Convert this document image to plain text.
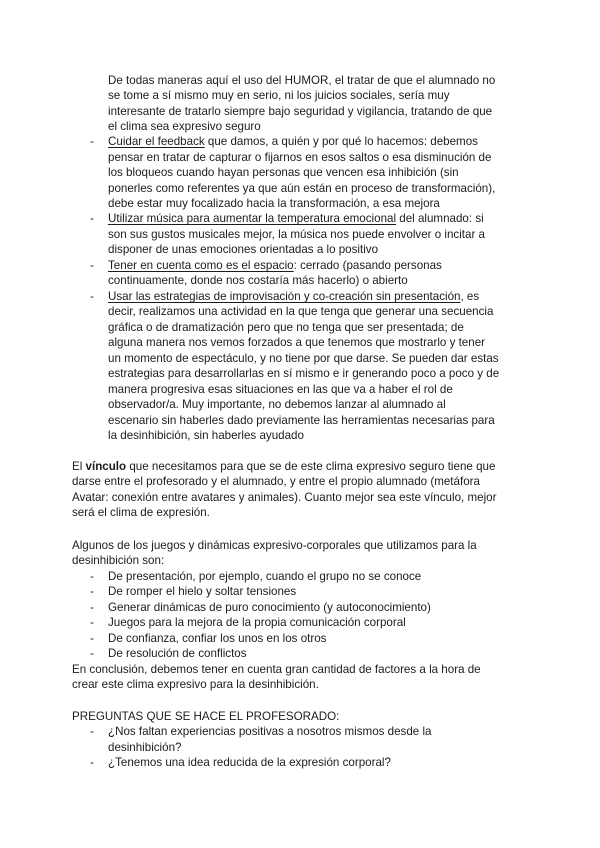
De todas maneras aquí el uso del HUMOR, el tratar de que el alumnado no
se tome a sí mismo muy en serio, ni los juicios sociales, sería muy
interesante de tratarlo siempre bajo seguridad y vigilancia, tratando de que
el clima sea expresivo seguro
- Cuidar el feedback que damos, a quién y por qué lo hacemos: debemos
pensar en tratar de capturar o fijarnos en esos saltos o esa disminución de
los bloqueos cuando hayan personas que vencen esa inhibición (sin
ponerles como referentes ya que aún están en proceso de transformación),
debe estar muy focalizado hacia la transformación, a esa mejora
- Utilizar música para aumentar la temperatura emocional del alumnado: si
son sus gustos musicales mejor, la música nos puede envolver o incitar a
disponer de unas emociones orientadas a lo positivo
- Tener en cuenta como es el espacio: cerrado (pasando personas
continuamente, donde nos costaría más hacerlo) o abierto
- Usar las estrategias de improvisación y co-creación sin presentación, es
decir, realizamos una actividad en la que tenga que generar una secuencia
gráfica o de dramatización pero que no tenga que ser presentada; de
alguna manera nos vemos forzados a que tenemos que mostrarlo y tener
un momento de espectáculo, y no tiene por que darse. Se pueden dar estas
estrategias para desarrollarlas en sí mismo e ir generando poco a poco y de
manera progresiva esas situaciones en las que va a haber el rol de
observador/a. Muy importante, no debemos lanzar al alumnado al
escenario sin haberles dado previamente las herramientas necesarias para
la desinhibición, sin haberles ayudado
El vínculo que necesitamos para que se de este clima expresivo seguro tiene que
darse entre el profesorado y el alumnado, y entre el propio alumnado (metáfora
Avatar: conexión entre avatares y animales). Cuanto mejor sea este vínculo, mejor
será el clima de expresión.
Algunos de los juegos y dinámicas expresivo-corporales que utilizamos para la
desinhibición son:
- De presentación, por ejemplo, cuando el grupo no se conoce
- De romper el hielo y soltar tensiones
- Generar dinámicas de puro conocimiento (y autoconocimiento)
- Juegos para la mejora de la propia comunicación corporal
- De confianza, confiar los unos en los otros
- De resolución de conflictos
En conclusión, debemos tener en cuenta gran cantidad de factores a la hora de
crear este clima expresivo para la desinhibición.
PREGUNTAS QUE SE HACE EL PROFESORADO:
- ¿Nos faltan experiencias positivas a nosotros mismos desde la
desinhibición?
- ¿Tenemos una idea reducida de la expresión corporal?
